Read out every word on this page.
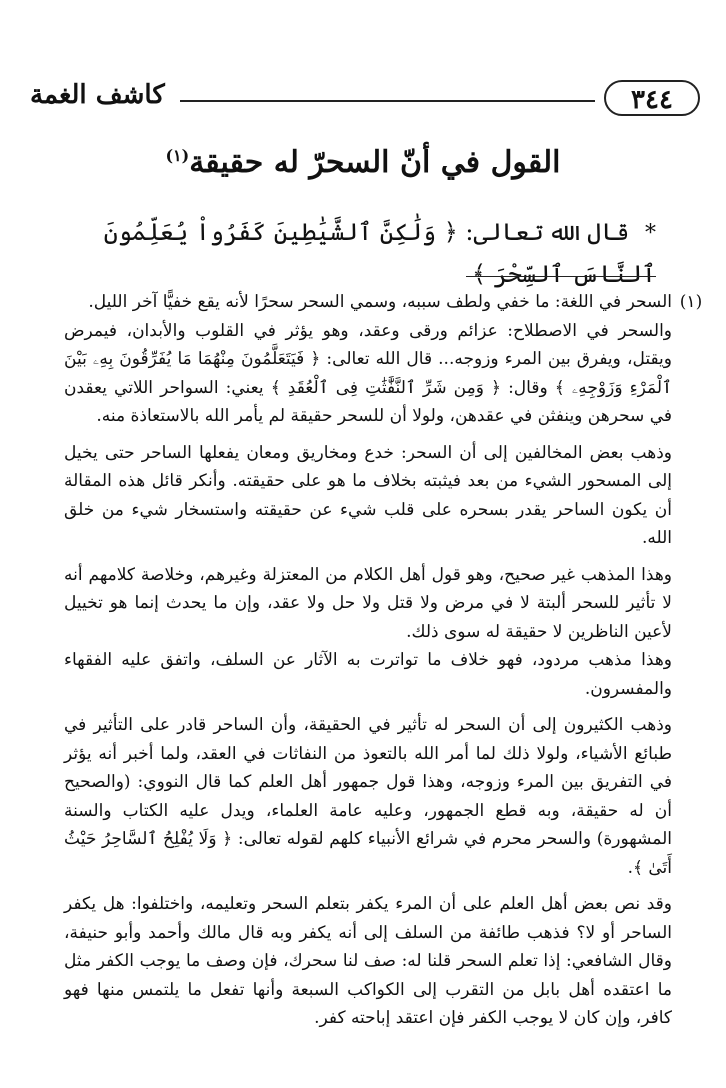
كاشف الغمة	٣٤٤
القول في أنّ السحرّ له حقيقة$^{(١)}$
* قال الله تعالى: ﴿ وَلَٰكِنَّ ٱلشَّيَٰطِينَ كَفَرُواْ يُعَلِّمُونَ ٱلنَّاسَ ٱلسِّحْرَ ﴾
(١)

السحر في اللغة: ما خفي ولطف سببه، وسمي السحر سحرًا لأنه يقع خفيًّا آخر الليل.

والسحر في الاصطلاح: عزائم ورقى وعقد، وهو يؤثر في القلوب والأبدان، فيمرض ويقتل، ويفرق بين المرء وزوجه... قال الله تعالى: ﴿ فَيَتَعَلَّمُونَ مِنْهُمَا مَا يُفَرِّقُونَ بِهِۦ بَيْنَ ٱلْمَرْءِ وَزَوْجِهِۦ ﴾ وقال: ﴿ وَمِن شَرِّ ٱلنَّفَّٰثَٰتِ فِى ٱلْعُقَدِ ﴾ يعني: السواحر اللاتي يعقدن في سحرهن وينفثن في عقدهن، ولولا أن للسحر حقيقة لم يأمر الله بالاستعاذة منه.

وذهب بعض المخالفين إلى أن السحر: خدع ومخاريق ومعان يفعلها الساحر حتى يخيل إلى المسحور الشيء من بعد فيثبته بخلاف ما هو على حقيقته. وأنكر قائل هذه المقالة أن يكون الساحر يقدر بسحره على قلب شيء عن حقيقته واستسخار شيء من خلق الله.

وهذا المذهب غير صحيح، وهو قول أهل الكلام من المعتزلة وغيرهم، وخلاصة كلامهم أنه لا تأثير للسحر ألبتة لا في مرض ولا قتل ولا حل ولا عقد، وإن ما يحدث إنما هو تخييل لأعين الناظرين لا حقيقة له سوى ذلك.

وهذا مذهب مردود، فهو خلاف ما تواترت به الآثار عن السلف، واتفق عليه الفقهاء والمفسرون.

وذهب الكثيرون إلى أن السحر له تأثير في الحقيقة، وأن الساحر قادر على التأثير في طبائع الأشياء، ولولا ذلك لما أمر الله بالتعوذ من النفاثات في العقد، ولما أخبر أنه يؤثر في التفريق بين المرء وزوجه، وهذا قول جمهور أهل العلم كما قال النووي: (والصحيح أن له حقيقة، وبه قطع الجمهور، وعليه عامة العلماء، ويدل عليه الكتاب والسنة المشهورة) والسحر محرم في شرائع الأنبياء كلهم لقوله تعالى: ﴿ وَلَا يُفْلِحُ ٱلسَّاحِرُ حَيْثُ أَتَىٰ ﴾.

وقد نص بعض أهل العلم على أن المرء يكفر بتعلم السحر وتعليمه، واختلفوا: هل يكفر الساحر أو لا؟ فذهب طائفة من السلف إلى أنه يكفر وبه قال مالك وأحمد وأبو حنيفة، وقال الشافعي: إذا تعلم السحر قلنا له: صف لنا سحرك، فإن وصف ما يوجب الكفر مثل ما اعتقده أهل بابل من التقرب إلى الكواكب السبعة وأنها تفعل ما يلتمس منها فهو كافر، وإن كان لا يوجب الكفر فإن اعتقد إباحته كفر.
